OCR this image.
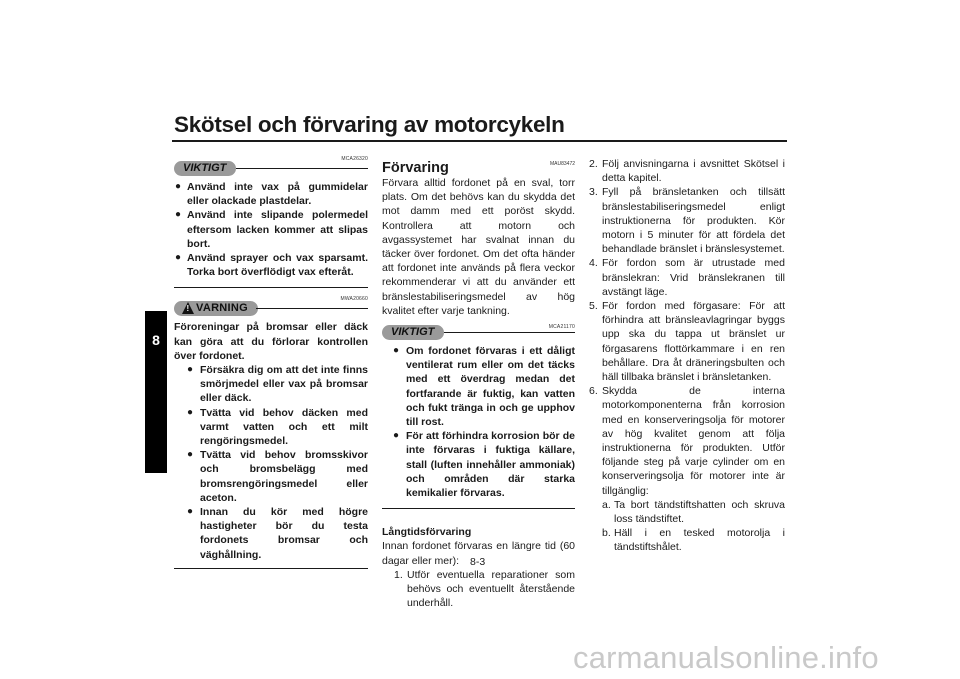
Skötsel och förvaring av motorcykeln
8
VIKTIGT
MCA26320
● Använd inte vax på gummidelar eller olackade plastdelar.
● Använd inte slipande polermedel eftersom lacken kommer att slipas bort.
● Använd sprayer och vax sparsamt. Torka bort överflödigt vax efteråt.
! VARNING
MWA20660

Föroreningar på bromsar eller däck kan göra att du förlorar kontrollen över fordonet.

● Försäkra dig om att det inte finns smörjmedel eller vax på bromsar eller däck.
● Tvätta vid behov däcken med varmt vatten och ett milt rengöringsmedel.
● Tvätta vid behov bromsskivor och bromsbelägg med bromsrengöringsmedel eller aceton.
● Innan du kör med högre hastigheter bör du testa fordonets bromsar och väghållning.
MAU83472
Förvaring

Förvara alltid fordonet på en sval, torr plats. Om det behövs kan du skydda det mot damm med ett poröst skydd. Kontrollera att motorn och avgassystemet har svalnat innan du täcker över fordonet. Om det ofta händer att fordonet inte används på flera veckor rekommenderar vi att du använder ett bränslestabiliseringsmedel av hög kvalitet efter varje tankning.

VIKTIGT	MCA21170
● Om fordonet förvaras i ett dåligt ventilerat rum eller om det täcks med ett överdrag medan det fortfarande är fuktig, kan vatten och fukt tränga in och ge upphov till rost.
● För att förhindra korrosion bör de inte förvaras i fuktiga källare, stall (luften innehåller ammoniak) och områden där starka kemikalier förvaras.

Långtidsförvaring

Innan fordonet förvaras en längre tid (60 dagar eller mer):

1. Utför eventuella reparationer som behövs och eventuellt återstående underhåll.
2. Följ anvisningarna i avsnittet Skötsel i detta kapitel.
3. Fyll på bränsletanken och tillsätt bränslestabiliseringsmedel enligt instruktionerna för produkten. Kör motorn i 5 minuter för att fördela det behandlade bränslet i bränslesystemet.
4. För fordon som är utrustade med bränslekran: Vrid bränslekranen till avstängt läge.
5. För fordon med förgasare: För att förhindra att bränsleavlagringar byggs upp ska du tappa ut bränslet ur förgasarens flottörkammare i en ren behållare. Dra åt dräneringsbulten och häll tillbaka bränslet i bränsletanken.
6. Skydda de interna motorkomponenterna från korrosion med en konserveringsolja för motorer av hög kvalitet genom att följa instruktionerna för produkten. Utför följande steg på varje cylinder om en konserveringsolja för motorer inte är tillgänglig:
a. Ta bort tändstiftshatten och skruva loss tändstiftet.
b. Häll i en tesked motorolja i tändstiftshålet.
8-3
carmanualsonline.info
